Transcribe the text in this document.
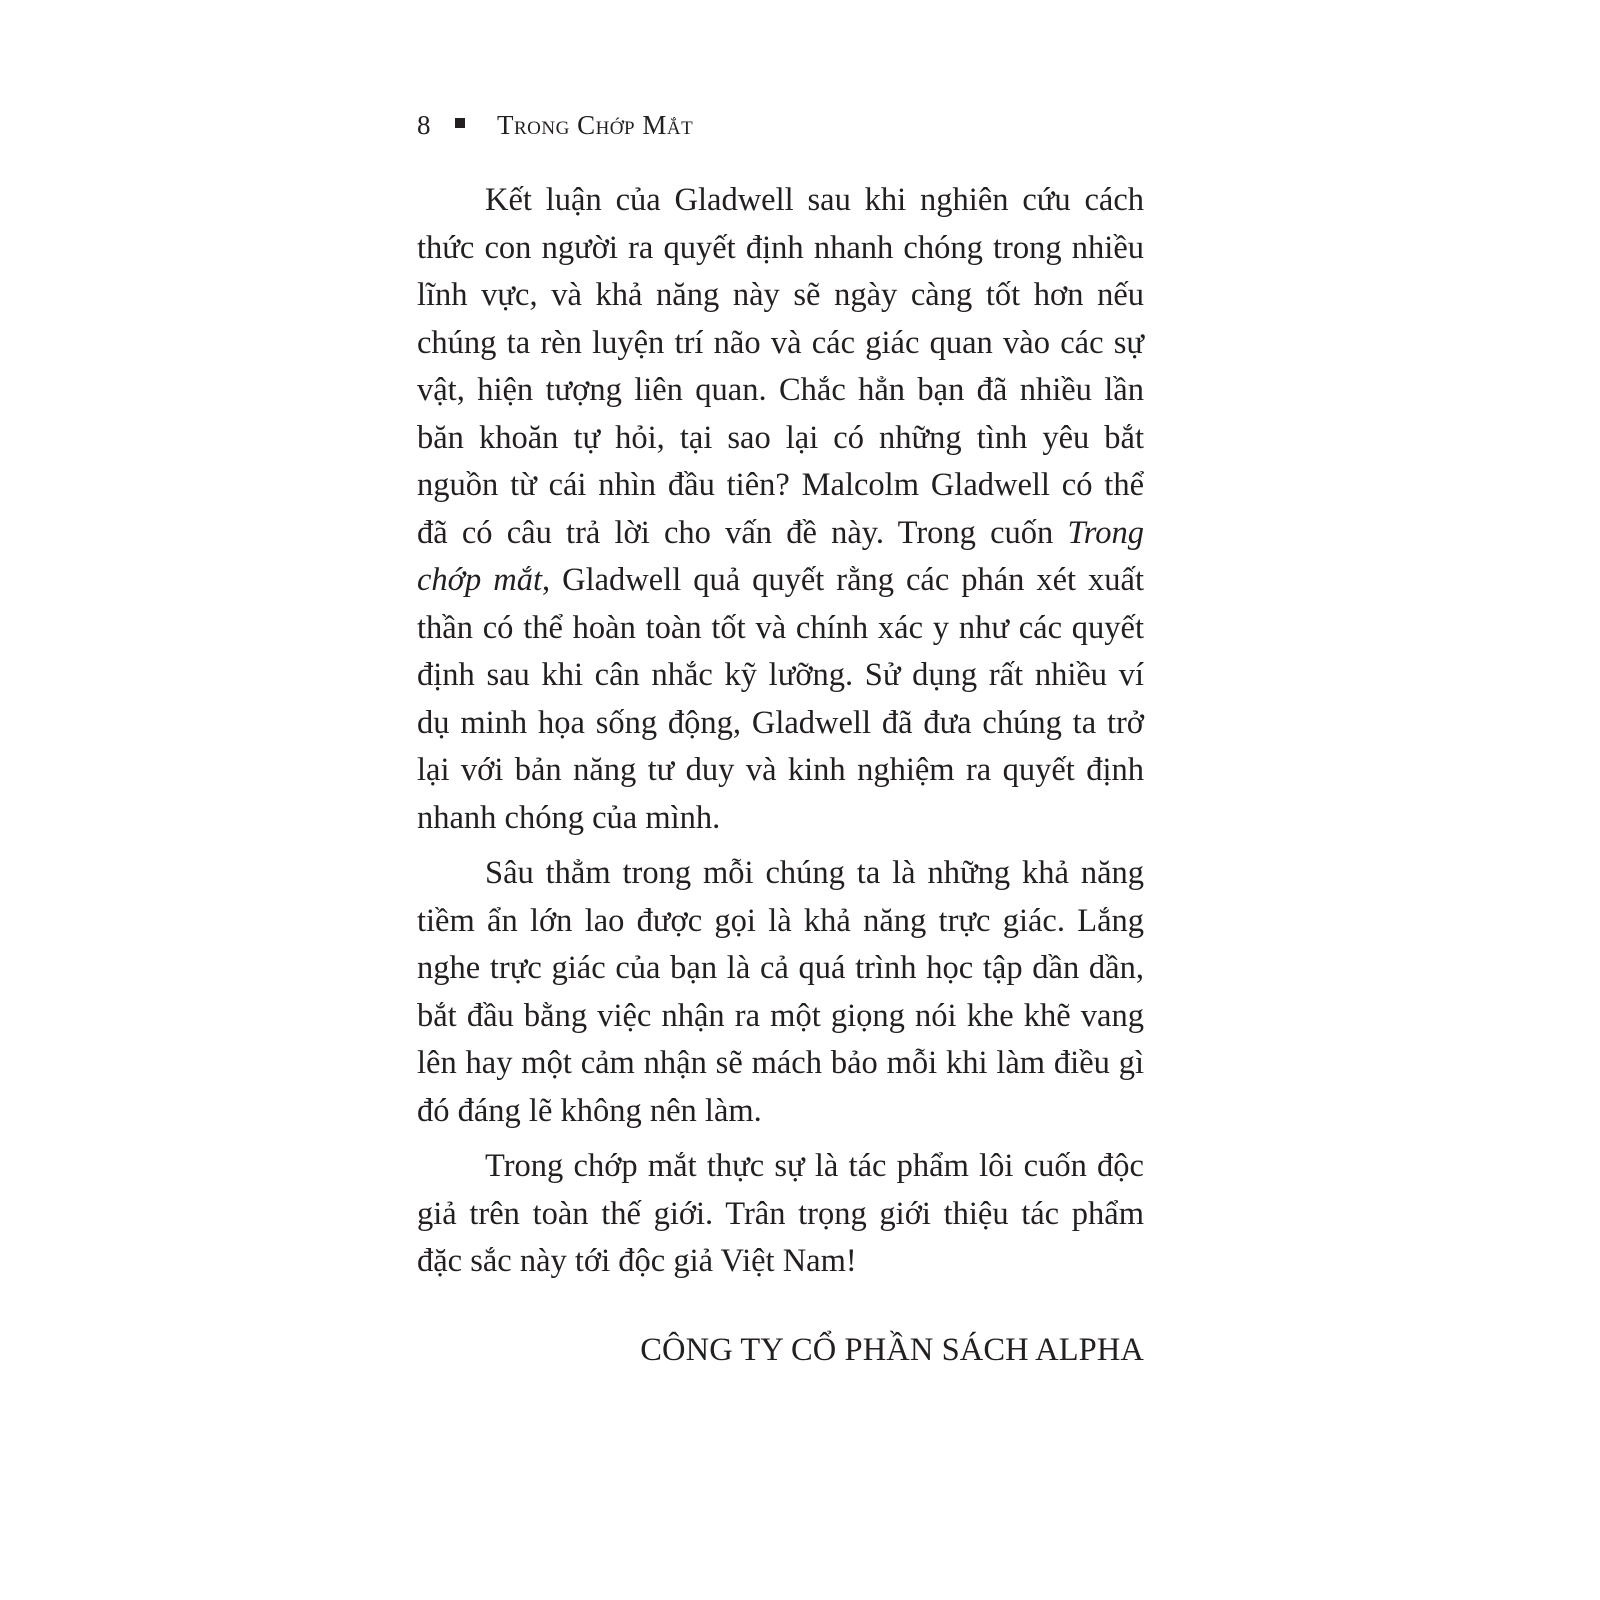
8	Trong Chớp Mắt

Kết luận của Gladwell sau khi nghiên cứu cách thức con người ra quyết định nhanh chóng trong nhiều lĩnh vực, và khả năng này sẽ ngày càng tốt hơn nếu chúng ta rèn luyện trí não và các giác quan vào các sự vật, hiện tượng liên quan. Chắc hẳn bạn đã nhiều lần băn khoăn tự hỏi, tại sao lại có những tình yêu bắt nguồn từ cái nhìn đầu tiên? Malcolm Gladwell có thể đã có câu trả lời cho vấn đề này. Trong cuốn Trong chớp mắt, Gladwell quả quyết rằng các phán xét xuất thần có thể hoàn toàn tốt và chính xác y như các quyết định sau khi cân nhắc kỹ lưỡng. Sử dụng rất nhiều ví dụ minh họa sống động, Gladwell đã đưa chúng ta trở lại với bản năng tư duy và kinh nghiệm ra quyết định nhanh chóng của mình.

Sâu thẳm trong mỗi chúng ta là những khả năng tiềm ẩn lớn lao được gọi là khả năng trực giác. Lắng nghe trực giác của bạn là cả quá trình học tập dần dần, bắt đầu bằng việc nhận ra một giọng nói khe khẽ vang lên hay một cảm nhận sẽ mách bảo mỗi khi làm điều gì đó đáng lẽ không nên làm.

Trong chớp mắt thực sự là tác phẩm lôi cuốn độc giả trên toàn thế giới. Trân trọng giới thiệu tác phẩm đặc sắc này tới độc giả Việt Nam!

CÔNG TY CỔ PHẦN SÁCH ALPHA
